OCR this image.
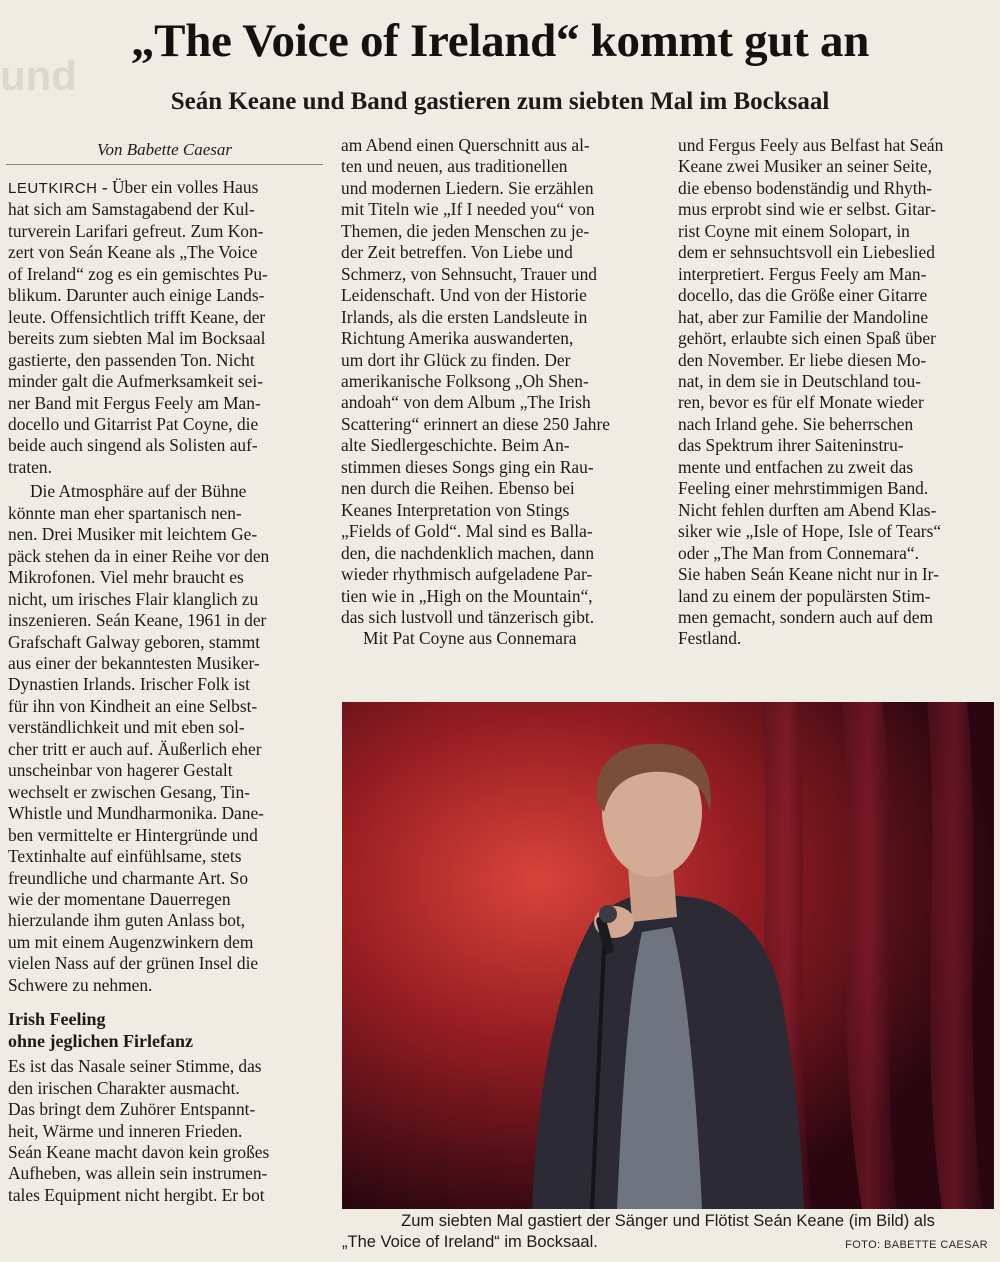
und
„The Voice of Ireland“ kommt gut an
Seán Keane und Band gastieren zum siebten Mal im Bocksaal
Von Babette Caesar
LEUTKIRCH - Über ein volles Haus
hat sich am Samstagabend der Kul-
turverein Larifari gefreut. Zum Kon-
zert von Seán Keane als „The Voice
of Ireland“ zog es ein gemischtes Pu-
blikum. Darunter auch einige Lands-
leute. Offensichtlich trifft Keane, der
bereits zum siebten Mal im Bocksaal
gastierte, den passenden Ton. Nicht
minder galt die Aufmerksamkeit sei-
ner Band mit Fergus Feely am Man-
docello und Gitarrist Pat Coyne, die
beide auch singend als Solisten auf-
traten.
Die Atmosphäre auf der Bühne
könnte man eher spartanisch nen-
nen. Drei Musiker mit leichtem Ge-
päck stehen da in einer Reihe vor den
Mikrofonen. Viel mehr braucht es
nicht, um irisches Flair klanglich zu
inszenieren. Seán Keane, 1961 in der
Grafschaft Galway geboren, stammt
aus einer der bekanntesten Musiker-
Dynastien Irlands. Irischer Folk ist
für ihn von Kindheit an eine Selbst-
verständlichkeit und mit eben sol-
cher tritt er auch auf. Äußerlich eher
unscheinbar von hagerer Gestalt
wechselt er zwischen Gesang, Tin-
Whistle und Mundharmonika. Dane-
ben vermittelte er Hintergründe und
Textinhalte auf einfühlsame, stets
freundliche und charmante Art. So
wie der momentane Dauerregen
hierzulande ihm guten Anlass bot,
um mit einem Augenzwinkern dem
vielen Nass auf der grünen Insel die
Schwere zu nehmen.
Irish Feeling
ohne jeglichen Firlefanz
Es ist das Nasale seiner Stimme, das
den irischen Charakter ausmacht.
Das bringt dem Zuhörer Entspannt-
heit, Wärme und inneren Frieden.
Seán Keane macht davon kein großes
Aufheben, was allein sein instrumen-
tales Equipment nicht hergibt. Er bot
am Abend einen Querschnitt aus al-
ten und neuen, aus traditionellen
und modernen Liedern. Sie erzählen
mit Titeln wie „If I needed you“ von
Themen, die jeden Menschen zu je-
der Zeit betreffen. Von Liebe und
Schmerz, von Sehnsucht, Trauer und
Leidenschaft. Und von der Historie
Irlands, als die ersten Landsleute in
Richtung Amerika auswanderten,
um dort ihr Glück zu finden. Der
amerikanische Folksong „Oh Shen-
andoah“ von dem Album „The Irish
Scattering“ erinnert an diese 250 Jahre
alte Siedlergeschichte. Beim An-
stimmen dieses Songs ging ein Rau-
nen durch die Reihen. Ebenso bei
Keanes Interpretation von Stings
„Fields of Gold“. Mal sind es Balla-
den, die nachdenklich machen, dann
wieder rhythmisch aufgeladene Par-
tien wie in „High on the Mountain“,
das sich lustvoll und tänzerisch gibt.
Mit Pat Coyne aus Connemara
und Fergus Feely aus Belfast hat Seán
Keane zwei Musiker an seiner Seite,
die ebenso bodenständig und Rhyth-
mus erprobt sind wie er selbst. Gitar-
rist Coyne mit einem Solopart, in
dem er sehnsuchtsvoll ein Liebeslied
interpretiert. Fergus Feely am Man-
docello, das die Größe einer Gitarre
hat, aber zur Familie der Mandoline
gehört, erlaubte sich einen Spaß über
den November. Er liebe diesen Mo-
nat, in dem sie in Deutschland tou-
ren, bevor es für elf Monate wieder
nach Irland gehe. Sie beherrschen
das Spektrum ihrer Saiteninstru-
mente und entfachen zu zweit das
Feeling einer mehrstimmigen Band.
Nicht fehlen durften am Abend Klas-
siker wie „Isle of Hope, Isle of Tears“
oder „The Man from Connemara“.
Sie haben Seán Keane nicht nur in Ir-
land zu einem der populärsten Stim-
men gemacht, sondern auch auf dem
Festland.
Zum siebten Mal gastiert der Sänger und Flötist Seán Keane (im Bild) als
„The Voice of Ireland“ im Bocksaal.	FOTO: BABETTE CAESAR
